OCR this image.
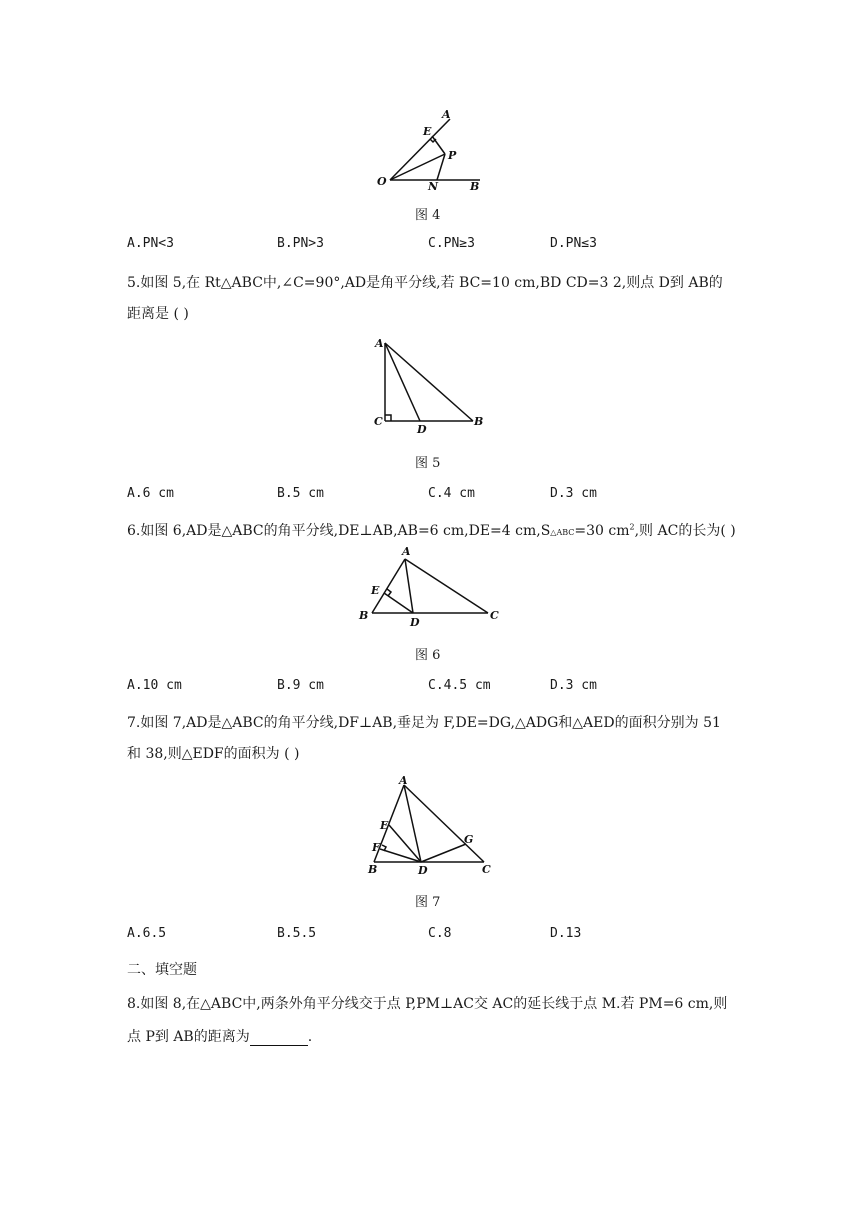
A
E
P
O	N	B
图 4
A.PN<3	B.PN>3	C.PN≥3	D.PN≤3
5.如图 5,在 Rt△ABC中,∠C=90°,AD是角平分线,若 BC=10 cm,BD CD=3 2,则点 D到 AB的
距离是 ( )
A
C
D
B
图 5
A.6 cm	B.5 cm	C.4 cm	D.3 cm
6.如图 6,AD是△ABC的角平分线,DE⊥AB,AB=6 cm,DE=4 cm,S△ABC=30 $cm^2$,则 AC的长为( )
A
E
B
D
C
图 6
A.10 cm	B.9 cm	C.4.5 cm	D.3 cm
7.如图 7,AD是△ABC的角平分线,DF⊥AB,垂足为 F,DE=DG,△ADG和△AED的面积分别为 51
和 38,则△EDF的面积为 ( )
A
E
F
B	D
G
C
图 7
A.6.5	B.5.5	C.8	D.13
二、填空题
8.如图 8,在△ABC中,两条外角平分线交于点 P,PM⊥AC交 AC的延长线于点 M.若 PM=6 cm,则
点 P到 AB的距离为	.
